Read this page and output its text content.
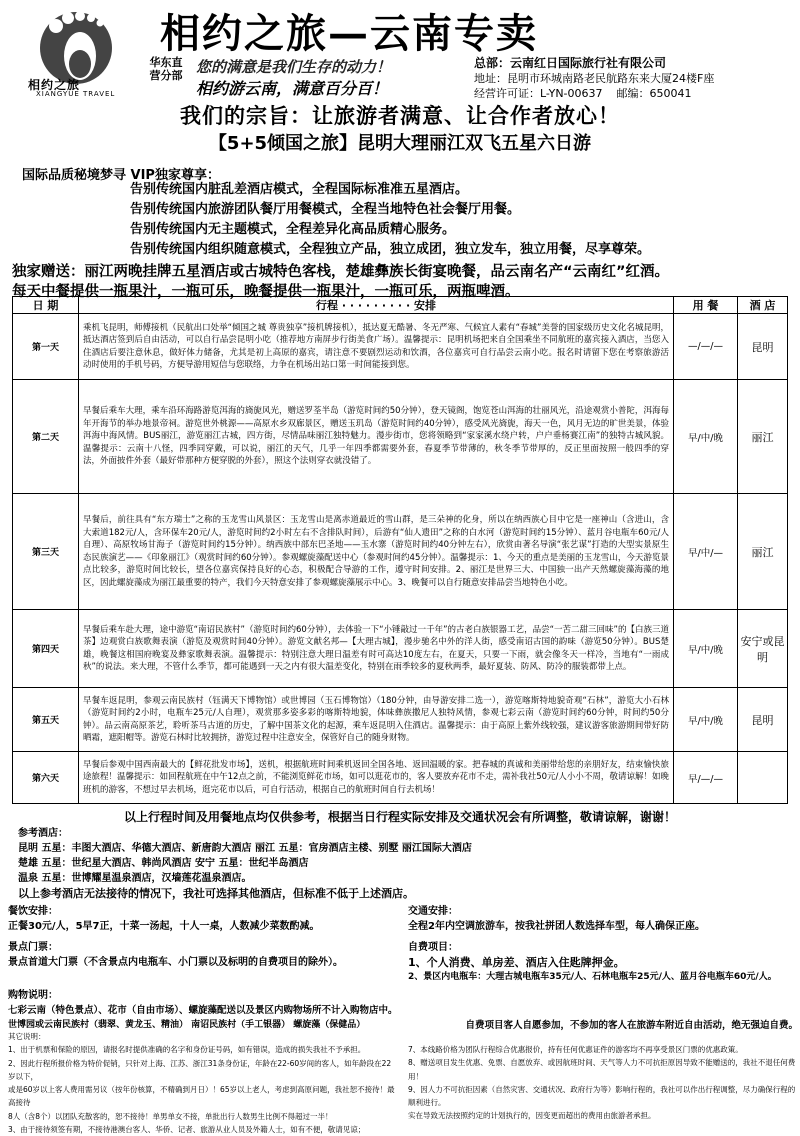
相约之旅
XIANGYUE TRAVEL
相约之旅—云南专卖
华东直营分部 您的满意是我们生存的动力！
相约游云南，满意百分百！
总部：云南红日国际旅行社有限公司
地址：昆明市环城南路老民航路东来大厦24楼F座
经营许可证：L-YN-00637 邮编：650041
我们的宗旨：让旅游者满意、让合作者放心！
【5+5倾国之旅】昆明大理丽江双飞五星六日游
国际品质秘境梦寻 VIP独家尊享：
告别传统国内脏乱差酒店模式，全程国际标准准五星酒店。
告别传统国内旅游团队餐厅用餐模式，全程当地特色社会餐厅用餐。
告别传统国内无主题模式，全程差异化高品质精心服务。
告别传统国内组织随意模式，全程独立产品，独立成团，独立发车，独立用餐，尽享尊荣。
独家赠送：丽江两晚挂牌五星酒店或古城特色客栈，楚雄彝族长街宴晚餐，品云南名产“云南红”红酒。
每天中餐提供一瓶果汁，一瓶可乐，晚餐提供一瓶果汁，一瓶可乐，两瓶啤酒。
日 期	行程 · · · · · · · · · 安排	用 餐	酒 店
第一天	乘机飞昆明，师傅接机（民航出口处举“倾国之城 尊贵独享”接机牌接机），抵达夏无酷暑、冬无严寒、气候宜人素有“春城”美誉的国家级历史文化名城昆明，抵达酒店签到后自由活动，可以自行品尝昆明小吃（推荐地方南屏步行街美食广场）。温馨提示：昆明机场把来自全国乘坐不同航班的嘉宾接入酒店，当您入住酒店后要注意休息，做好体力储备，尤其是初上高原的嘉宾，请注意不要剧烈运动和饮酒，各位嘉宾可自行品尝云南小吃。报名时请留下您在考察旅游活动时使用的手机号码，方便导游用短信与您联络，力争在机场出站口第一时间能接到您。	—/—/—	昆明
第二天	早餐后乘车大理，乘车沿环海路游览洱海的旖旎风光，赠送罗荃半岛（游览时间约50分钟），登天镜阁，饱览苍山洱海的壮丽风光，沿途观赏小普陀，洱海每年开海节的举办地景帝祠。游览世外桃源——高原水乡双廊景区，赠送玉玑岛（游览时间约40分钟），感受风光旖旎，海天一色，风月无边的旷世美景，体验洱海中海风情。BUS丽江，游览丽江古城，四方街，尽情品味丽江独特魅力。漫步街市，您将领略到“家家溪水绕户转，户户垂杨赛江南”的独特古城风貌。温馨提示：云南十八怪，四季同穿戴，可以说，丽江的天气，几乎一年四季都需要外套，春夏季节带薄的，秋冬季节带厚的，反正里面按照一般四季的穿法，外面披件外套（最好带那种方便穿脱的外套），照这个法则穿衣就没错了。	早/中/晚	丽江
第三天	早餐后，前往具有“东方瑞士”之称的玉龙雪山风景区：玉龙雪山是离赤道最近的雪山群，是三朵神的化身，所以在纳西族心目中它是一座神山（含进山，含大索道182元/人，含环保车20元/人，游览时间约2小时左右不含排队时间），后游有“仙人遗田”之称的白水河（游览时间约15分钟）、蓝月谷电瓶车60元/人自理）、高原牧场甘海子（游览时间约15分钟）。纳西族中部东巴圣地——玉水寨（游览时间约40分钟左右），欣赏由著名导演“张艺谋”打造的大型实景原生态民族演艺——《印象丽江》（观赏时间约60分钟）。参观螺旋藻配送中心（参观时间约45分钟）。温馨提示：1、今天的重点是美丽的玉龙雪山，今天游览景点比较多，游览时间比较长，望各位嘉宾保持良好的心态，积极配合导游的工作，遵守时间安排。2、丽江是世界三大、中国独一出产天然螺旋藻海藻的地区，因此螺旋藻成为丽江最重要的特产，我们今天特意安排了参观螺旋藻展示中心。3、晚餐可以自行随意安排品尝当地特色小吃。	早/中/—	丽江
第四天	早餐后乘车赴大理，途中游览“南诏民族村”（游览时间约60分钟），去体验一下“小锤敲过一千年”的古老白族银器工艺，品尝“一苦二甜三回味”的【白族三道茶】边观赏白族歌舞表演（游览及观赏时间40分钟）。游览文献名邦—【大理古城】，漫步驰名中外的洋人街，感受南诏古国的韵味（游览50分钟）。BUS楚雄，晚餐这相国府晚宴及彝家歌舞表演。温馨提示：特别注意大理日温差有时可高达10度左右，在夏天，只要一下雨，就会像冬天一样冷，当地有“一雨成秋”的说法。来大理，不管什么季节，都可能遇到一天之内有很大温差变化，特别在雨季较多的夏秋两季，最好夏装、防风、防冷的服装都带上点。	早/中/晚	安宁或昆明
第五天	早餐车返昆明，参观云南民族村（钰满天下博物馆）或世博园（玉石博物馆）（180分钟，由导游安排二选一），游览喀斯特地貌奇观“石林”，游览大小石林（游览时间约2小时，电瓶车25元/人自理），观赏那多姿多彩的喀斯特地貌，体味彝族撒尼人独特风情，参观七彩云南（游览时间约60分钟，时间约50分钟）。品云南高原茶艺，聆听茶马古道的历史，了解中国茶文化的起源，乘车返昆明入住酒店。温馨提示：由于高原上紫外线较强，建议游客旅游期间带好防晒霜，遮阳帽等。游览石林时比较拥挤，游览过程中注意安全，保管好自己的随身财物。	早/中/晚	昆明
第六天	早餐后参观中国西南最大的【鲜花批发市场】，送机，根据航班时间乘机返回全国各地、返回温暖的家。把春城的真诚和美丽带给您的亲朋好友，结束愉快旅途旅程！温馨提示：如回程航班在中午12点之前，不能浏览鲜花市场，如可以逛花市的，客人要放弃花市不走，需补我社50元/人小小不周，敬请谅解！如晚班机的游客，不想过早去机场，逛完花市以后，可自行活动，根据自己的航班时间自行去机场！	早/—/—	
以上行程时间及用餐地点均仅供参考，根据当日行程实际安排及交通状况会有所调整，敬请谅解，谢谢！
参考酒店：
昆明 五星：丰图大酒店、华德大酒店、新唐韵大酒店 丽江 五星：官房酒店主楼、别墅 丽江国际大酒店
楚雄 五星：世纪星大酒店、韩尚风酒店 安宁 五星：世纪半岛酒店
温泉 五星：世博耀星温泉酒店，汉墙莲花温泉酒店。
以上参考酒店无法接待的情况下，我社可选择其他酒店，但标准不低于上述酒店。
餐饮安排：
正餐30元/人，5早7正，十菜一汤起，十人一桌，人数减少菜数酌减。
交通安排：
全程2年内空调旅游车，按我社拼团人数选择车型，每人确保正座。
景点门票：
景点首道大门票（不含景点内电瓶车、小门票以及标明的自费项目的除外）。
自费项目：
1、个人消费、单房差、酒店入住匙牌押金。
2、景区内电瓶车：大理古城电瓶车35元/人、石林电瓶车25元/人、蓝月谷电瓶车60元/人。
购物说明：
七彩云南（特色景点）、花市（自由市场）、螺旋藻配送以及景区内购物场所不计入购物店中。
世博园或云南民族村（翡翠、黄龙玉、精油） 南诏民族村（手工银器） 螺旋藻（保健品）	自费项目客人自愿参加，不参加的客人在旅游车附近自由活动，绝无强迫自费。
其它说明：
1、出于机票和保险的原因，请报名时提供准确的名字和身份证号码，如有错误，造成的损失我社不予承担。
2、因此行程所报价格为特价促销，只针对上海、江苏、浙江31条身份证，年龄在22-60岁间的客人，如年龄段在22岁以下，
或是60岁以上客人费用需另议（按年份核算，不精确到月日）！65岁以上老人，考虑到高原问题，我社恕不接待！最高接待
8人（含8个）以团队充散客的，恕不接待！单男单女不接，单批出行人数男生比例不得超过一半！
3、由于接待须签有期，不接待港澳台客人、华侨、记者、旅游从业人员及外籍人士，如有不便，敬请见谅；
7、本线路价格为团队行程综合优惠报价，持有任何优惠证件的游客均不再享受景区门票的优惠政策。
8、赠送项目发生优惠、免票、自愿放弃、或因航班时间、天气等人力不可抗拒原因导致不能赠送的，我社不退任何费用！
9、因人力不可抗拒因素（自然灾害、交通状况、政府行为等）影响行程的，我社可以作出行程调整，尽力确保行程的顺利进行。
实在导致无法按照约定的计划执行的，因变更而超出的费用由旅游者承担。
